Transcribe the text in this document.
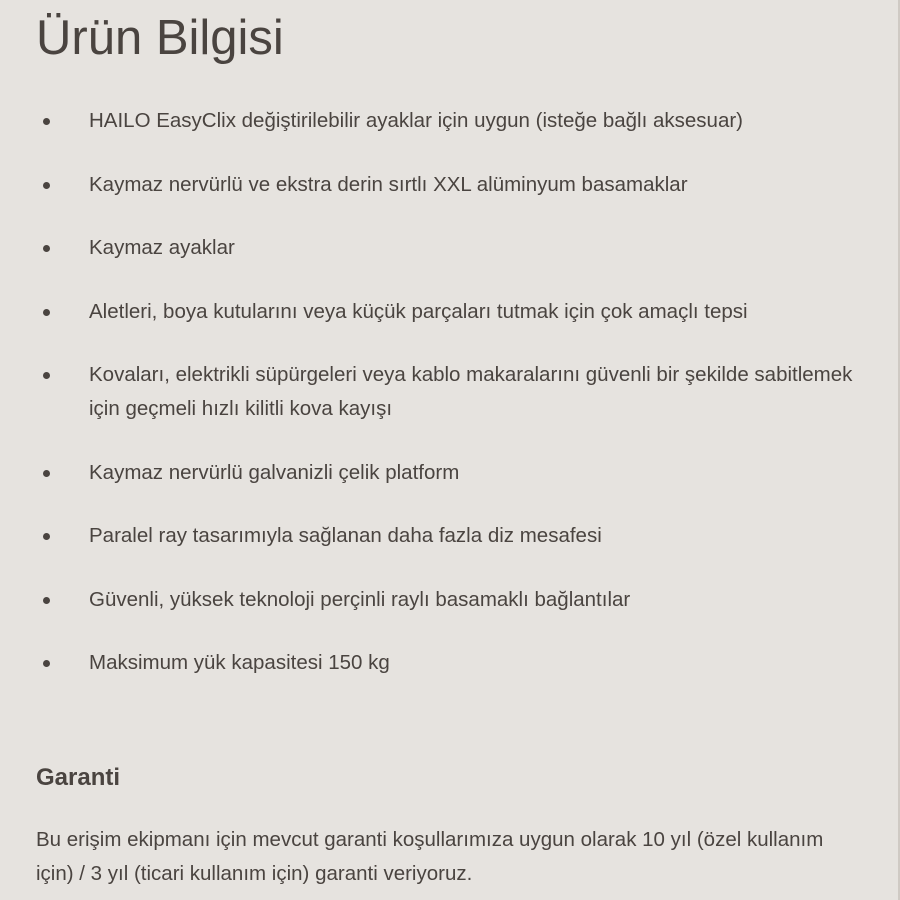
Ürün Bilgisi
HAILO EasyClix değiştirilebilir ayaklar için uygun (isteğe bağlı aksesuar)
Kaymaz nervürlü ve ekstra derin sırtlı XXL alüminyum basamaklar
Kaymaz ayaklar
Aletleri, boya kutularını veya küçük parçaları tutmak için çok amaçlı tepsi
Kovaları, elektrikli süpürgeleri veya kablo makaralarını güvenli bir şekilde sabitlemek için geçmeli hızlı kilitli kova kayışı
Kaymaz nervürlü galvanizli çelik platform
Paralel ray tasarımıyla sağlanan daha fazla diz mesafesi
Güvenli, yüksek teknoloji perçinli raylı basamaklı bağlantılar
Maksimum yük kapasitesi 150 kg
Garanti

Bu erişim ekipmanı için mevcut garanti koşullarımıza uygun olarak 10 yıl (özel kullanım için) / 3 yıl (ticari kullanım için) garanti veriyoruz.
